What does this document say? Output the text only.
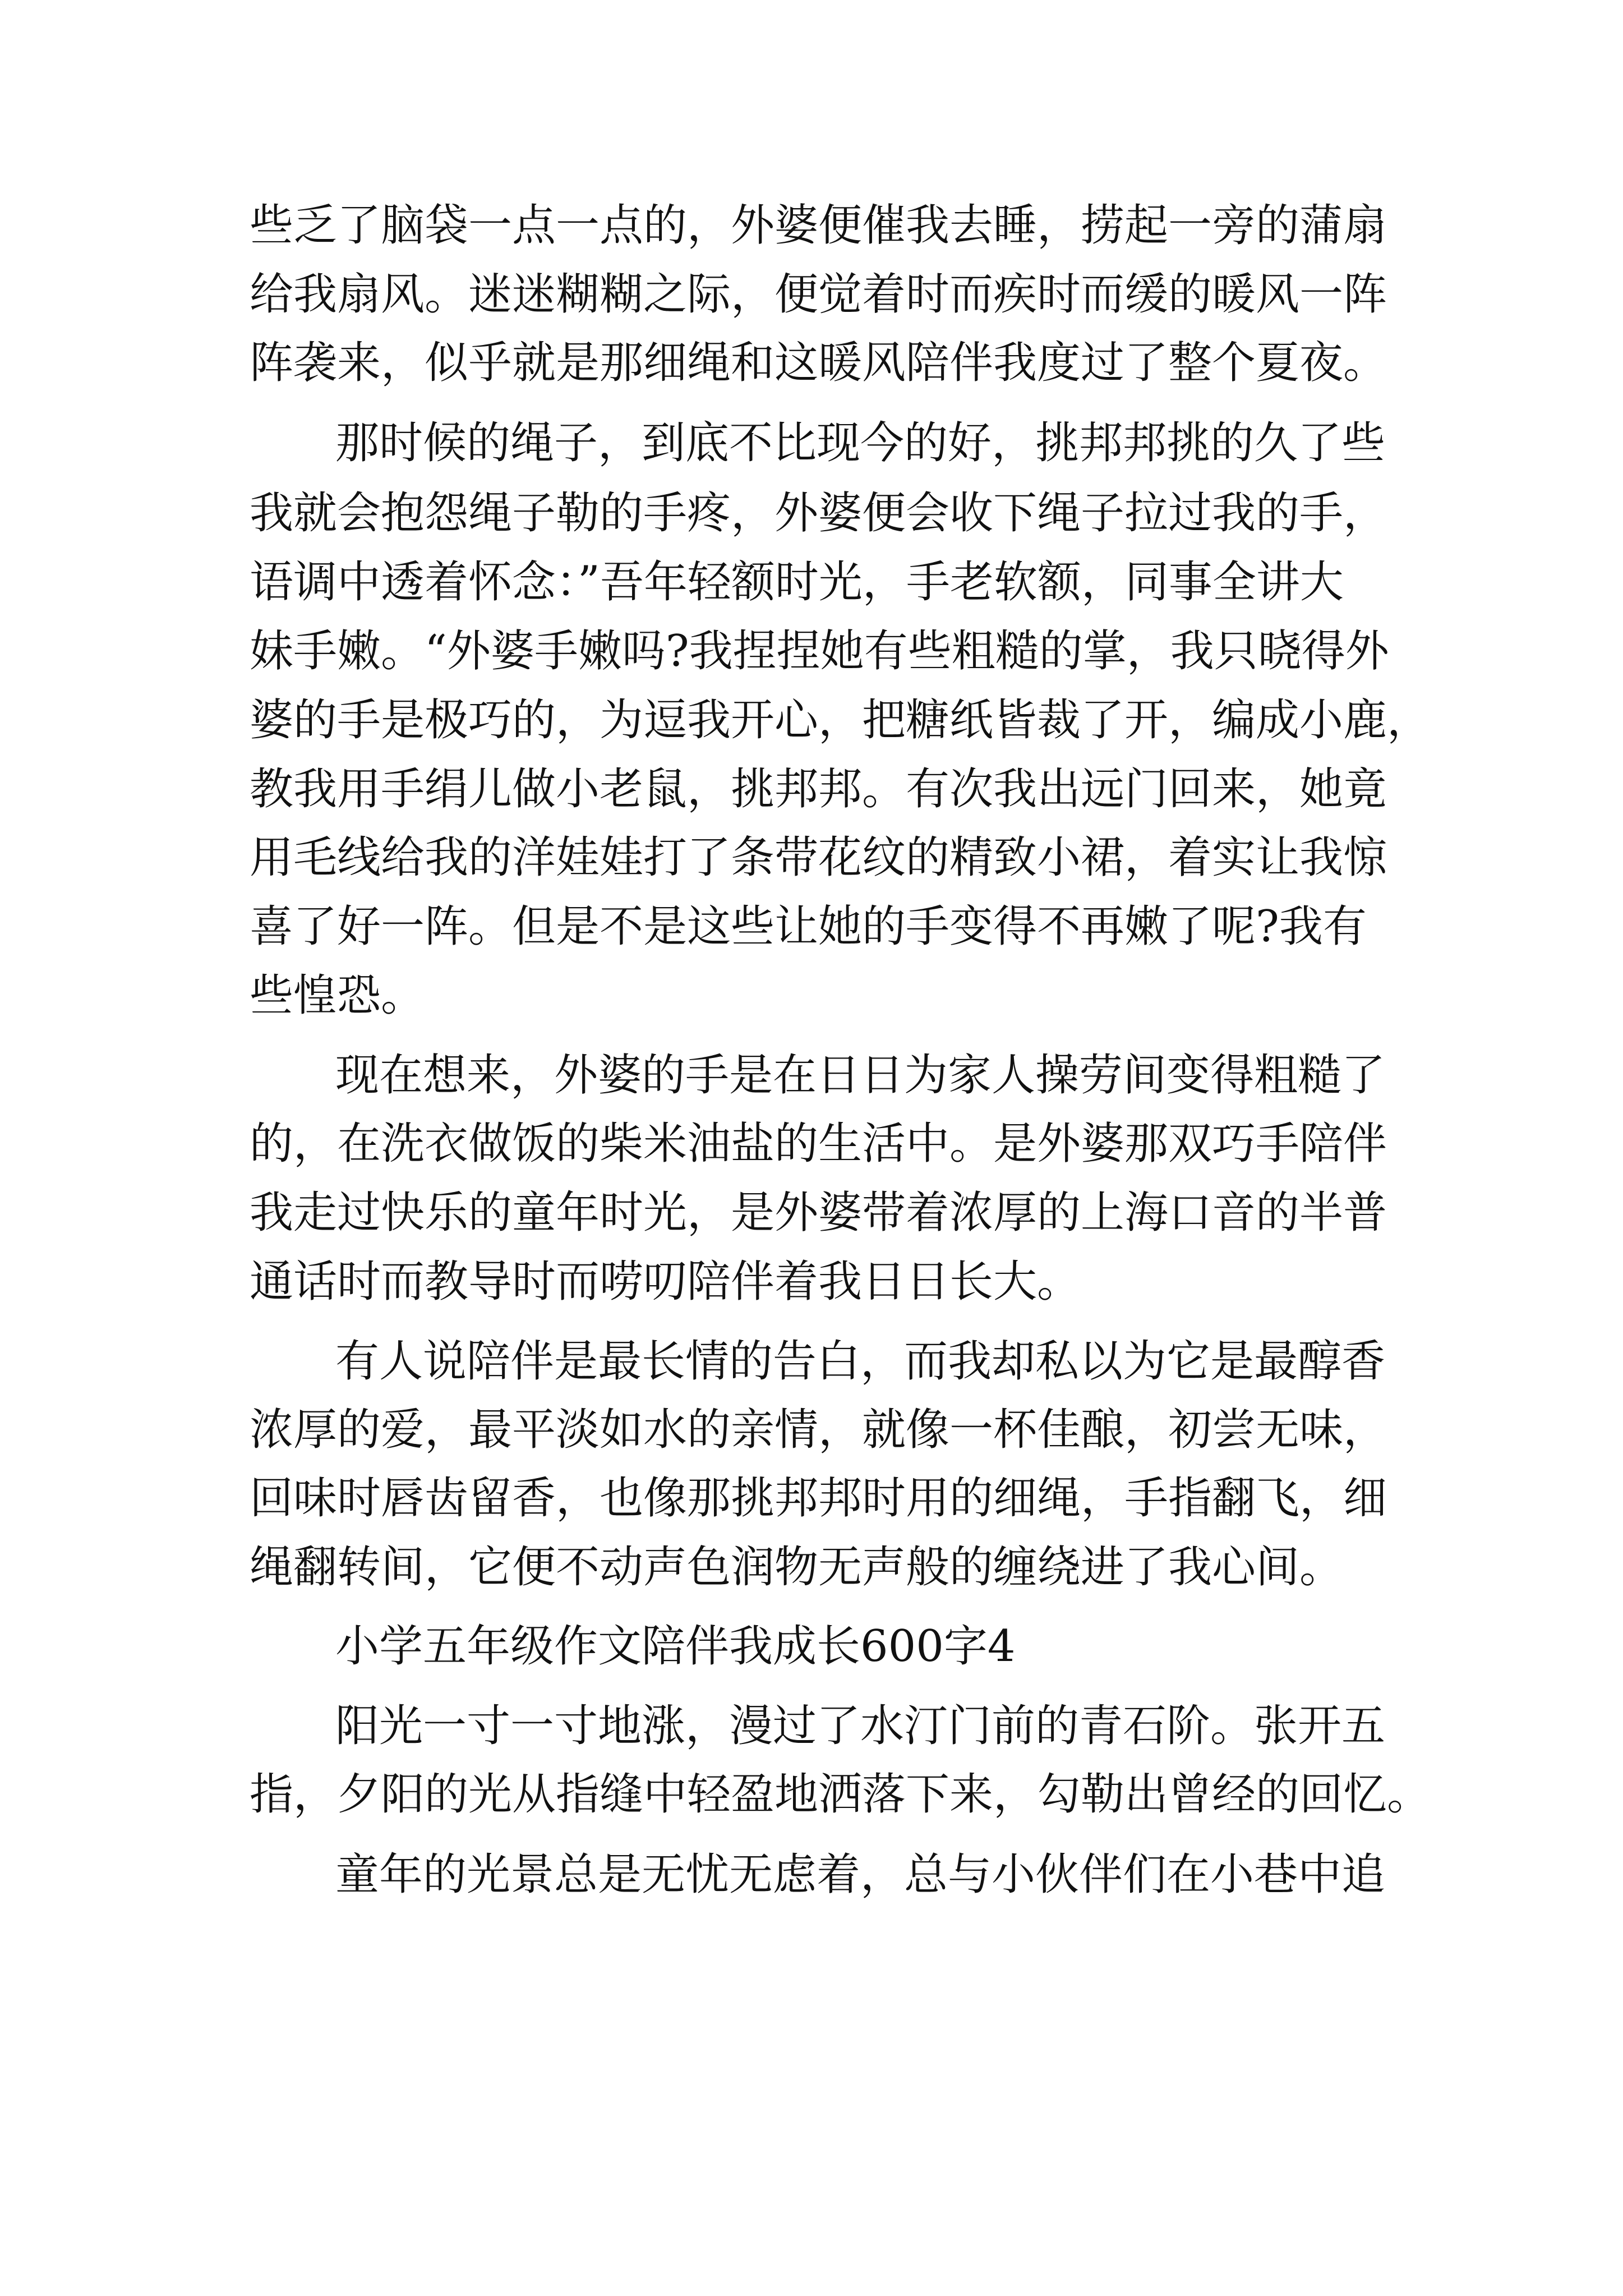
些乏了脑袋一点一点的，外婆便催我去睡，捞起一旁的蒲扇
给我扇风。迷迷糊糊之际，便觉着时而疾时而缓的暖风一阵
阵袭来，似乎就是那细绳和这暖风陪伴我度过了整个夏夜。
那时候的绳子，到底不比现今的好，挑邦邦挑的久了些
我就会抱怨绳子勒的手疼，外婆便会收下绳子拉过我的手，
语调中透着怀念：”吾年轻额时光，手老软额，同事全讲大
妹手嫩。“外婆手嫩吗?我捏捏她有些粗糙的掌，我只晓得外
婆的手是极巧的，为逗我开心，把糖纸皆裁了开，编成小鹿，
教我用手绢儿做小老鼠，挑邦邦。有次我出远门回来，她竟
用毛线给我的洋娃娃打了条带花纹的精致小裙，着实让我惊
喜了好一阵。但是不是这些让她的手变得不再嫩了呢?我有
些惶恐。
现在想来，外婆的手是在日日为家人操劳间变得粗糙了
的，在洗衣做饭的柴米油盐的生活中。是外婆那双巧手陪伴
我走过快乐的童年时光，是外婆带着浓厚的上海口音的半普
通话时而教导时而唠叨陪伴着我日日长大。
有人说陪伴是最长情的告白，而我却私以为它是最醇香
浓厚的爱，最平淡如水的亲情，就像一杯佳酿，初尝无味，
回味时唇齿留香，也像那挑邦邦时用的细绳，手指翻飞，细
绳翻转间，它便不动声色润物无声般的缠绕进了我心间。
小学五年级作文陪伴我成长600字4
阳光一寸一寸地涨，漫过了水汀门前的青石阶。张开五
指，夕阳的光从指缝中轻盈地洒落下来，勾勒出曾经的回忆。
童年的光景总是无忧无虑着，总与小伙伴们在小巷中追
